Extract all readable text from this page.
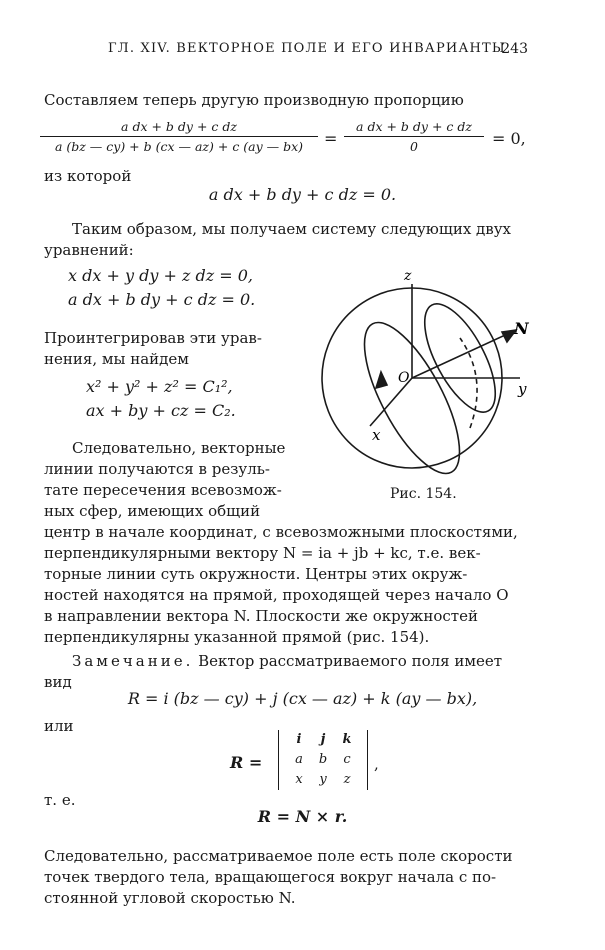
ГЛ. XIV. ВЕКТОРНОЕ ПОЛЕ И ЕГО ИНВАРИАНТЫ
243
Составляем теперь другую производную пропорцию
$\frac{\text{a dx + b dy + c dz}}{a (bz — cy) + b (cx — az) + c (ay — bx)} = \frac{\text{a dx + b dy + c dz}}{0} = 0$,
из которой
a dx + b dy + c dz = 0.
Таким образом, мы получаем систему следующих двух
уравнений:
x dx + y dy + z dz = 0,
a dx + b dy + c dz = 0.
Проинтегрировав эти урав-
нения, мы найдем
x² + y² + z² = C₁²,
ax + by + cz = C₂.
Следовательно, векторные
линии получаются в резуль-
тате пересечения всевозмож-
ных сфер, имеющих общий
z
y
x
O
N
Рис. 154.
центр в начале координат, с всевозможными плоскостями,
перпендикулярными вектору N = ia + jb + kc, т.е. век-
торные линии суть окружности. Центры этих окруж-
ностей находятся на прямой, проходящей через начало O
в направлении вектора N. Плоскости же окружностей
перпендикулярны указанной прямой (рис. 154).
Замечание. Вектор рассматриваемого поля имеет
вид
R = i (bz — cy) + j (cx — az) + k (ay — bx),
или
R =
i	j	k
a	b	c
x	y	z
,
т. е.
R = N × r.
Следовательно, рассматриваемое поле есть поле скорости
точек твердого тела, вращающегося вокруг начала с по-
стоянной угловой скоростью N.
